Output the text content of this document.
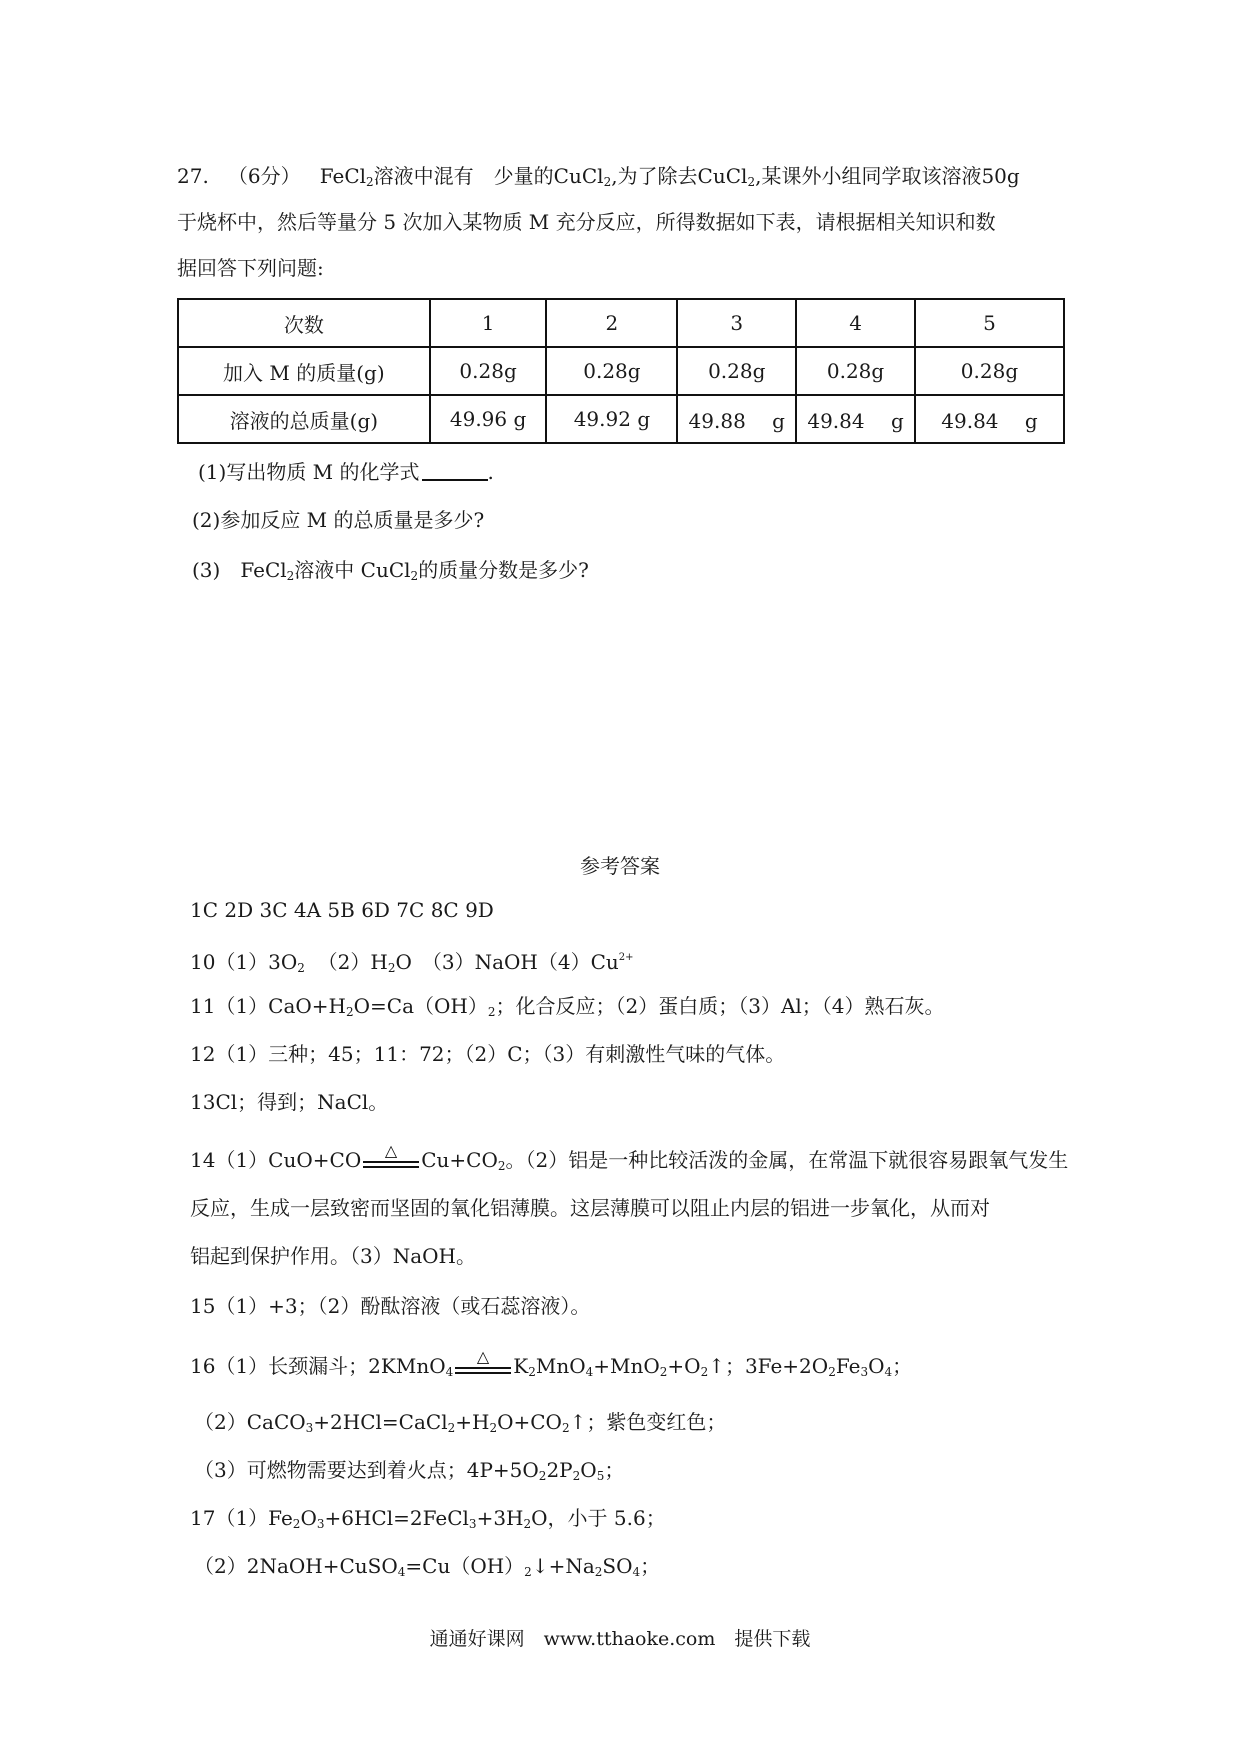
27. （6分） FeCl$_2$溶液中混有　少量的CuCl$_2$,为了除去CuCl$_2$,某课外小组同学取该溶液50g
于烧杯中，然后等量分 5 次加入某物质 M 充分反应，所得数据如下表，请根据相关知识和数
据回答下列问题:
次数	1	2	3	4	5
加入 M 的质量(g)	0.28g	0.28g	0.28g	0.28g	0.28g
溶液的总质量(g)	49.96 g	49.92 g	49.88　 g	49.84　 g	49.84　 g
(1)写出物质 M 的化学式	.
(2)参加反应 M 的总质量是多少?
(3)　FeCl$_2$溶液中 CuCl$_2$的质量分数是多少?
参考答案
1C 2D 3C 4A 5B 6D 7C 8C 9D
$10(1)3O_2$ $(2)H_2O$　$(3)NaOH(4)Cu^{2+}$
$11(1)CaO+H_2O=Ca(OH)_2$；化合反应；（2）蛋白质；（3）Al；（4）熟石灰。
12（1）三种；45；11：72；（2）C；（3）有刺激性气味的气体。
13Cl；得到；NaCl。
14（1）CuO+CO △ $Cu+CO_2$。（2）铝是一种比较活泼的金属，在常温下就很容易跟氧气发生
反应，生成一层致密而坚固的氧化铝薄膜。这层薄膜可以阻止内层的铝进一步氧化，从而对
铝起到保护作用。（3）NaOH。
15（1）+3；（2）酚酞溶液（或石蕊溶液）。
16（1）长颈漏斗；2KMnO$_4$
△ $K_2MnO_4+MnO_2+O_2↑$；$3Fe+2O_2Fe_3O_4$；
$(2)CaCO_3+2HCl=CaCl_2+H_2O+CO_2↑$；紫色变红色；
（3）可燃物需要达到着火点；$4P+5O_22P_2O_5$；
$17(1)Fe_2O_3+6HCl=2FeCl_3+3H_2O$，小于 5.6；
$(2)2NaOH+CuSO_4=Cu(OH)_2↓+Na_2SO_4$；
通通好课网　www.tthaoke.com　提供下载
